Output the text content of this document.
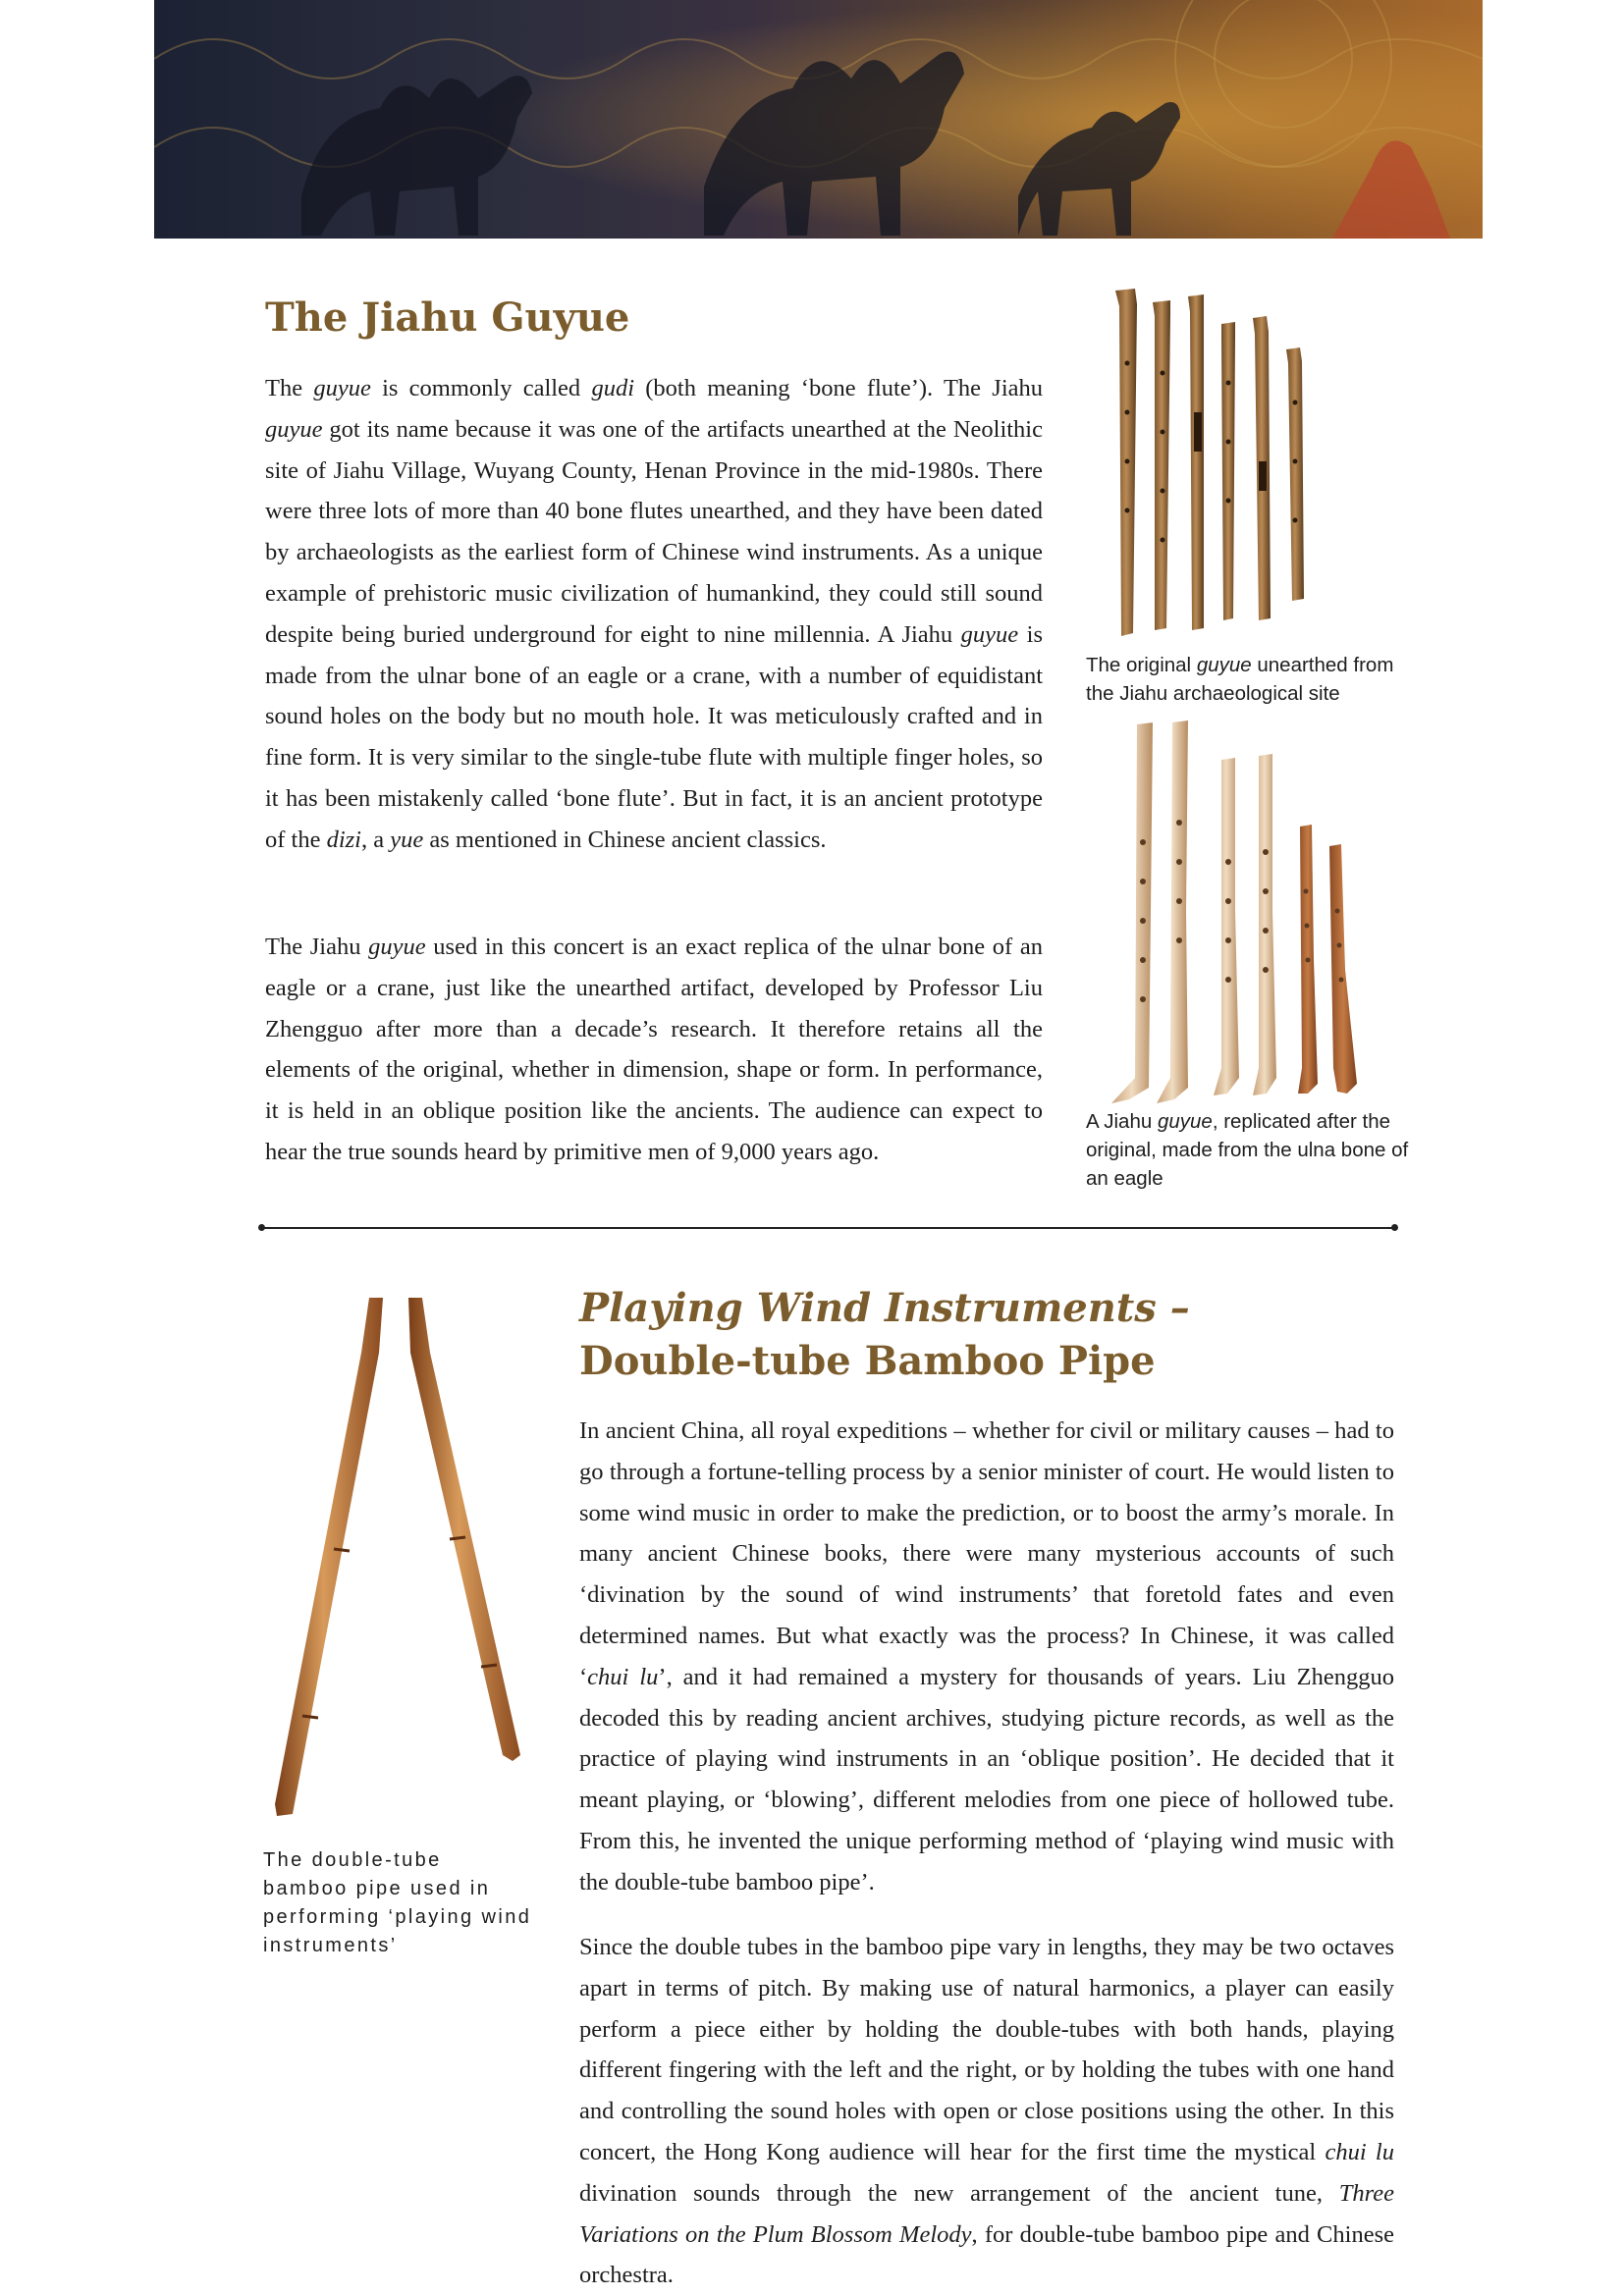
The Jiahu Guyue

The guyue is commonly called gudi (both meaning ‘bone flute’). The Jiahu guyue got its name because it was one of the artifacts unearthed at the Neolithic site of Jiahu Village, Wuyang County, Henan Province in the mid-1980s. There were three lots of more than 40 bone flutes unearthed, and they have been dated by archaeologists as the earliest form of Chinese wind instruments. As a unique example of prehistoric music civilization of humankind, they could still sound despite being buried underground for eight to nine millennia. A Jiahu guyue is made from the ulnar bone of an eagle or a crane, with a number of equidistant sound holes on the body but no mouth hole. It was meticulously crafted and in fine form. It is very similar to the single-tube flute with multiple finger holes, so it has been mistakenly called ‘bone flute’. But in fact, it is an ancient prototype of the dizi, a yue as mentioned in Chinese ancient classics.

The Jiahu guyue used in this concert is an exact replica of the ulnar bone of an eagle or a crane, just like the unearthed artifact, developed by Professor Liu Zhengguo after more than a decade’s research. It therefore retains all the elements of the original, whether in dimension, shape or form. In performance, it is held in an oblique position like the ancients. The audience can expect to hear the true sounds heard by primitive men of 9,000 years ago.

The original guyue unearthed from the Jiahu archaeological site
A Jiahu guyue, replicated after the original, made from the ulna bone of an eagle
Playing Wind Instruments –
Double-tube Bamboo Pipe

In ancient China, all royal expeditions – whether for civil or military causes – had to go through a fortune-telling process by a senior minister of court. He would listen to some wind music in order to make the prediction, or to boost the army’s morale. In many ancient Chinese books, there were many mysterious accounts of such ‘divination by the sound of wind instruments’ that foretold fates and even determined names. But what exactly was the process? In Chinese, it was called ‘chui lu’, and it had remained a mystery for thousands of years. Liu Zhengguo decoded this by reading ancient archives, studying picture records, as well as the practice of playing wind instruments in an ‘oblique position’. He decided that it meant playing, or ‘blowing’, different melodies from one piece of hollowed tube. From this, he invented the unique performing method of ‘playing wind music with the double-tube bamboo pipe’.

Since the double tubes in the bamboo pipe vary in lengths, they may be two octaves apart in terms of pitch. By making use of natural harmonics, a player can easily perform a piece either by holding the double-tubes with both hands, playing different fingering with the left and the right, or by holding the tubes with one hand and controlling the sound holes with open or close positions using the other. In this concert, the Hong Kong audience will hear for the first time the mystical chui lu divination sounds through the new arrangement of the ancient tune, Three Variations on the Plum Blossom Melody, for double-tube bamboo pipe and Chinese orchestra.

The double-tube bamboo pipe used in performing ‘playing wind instruments’
